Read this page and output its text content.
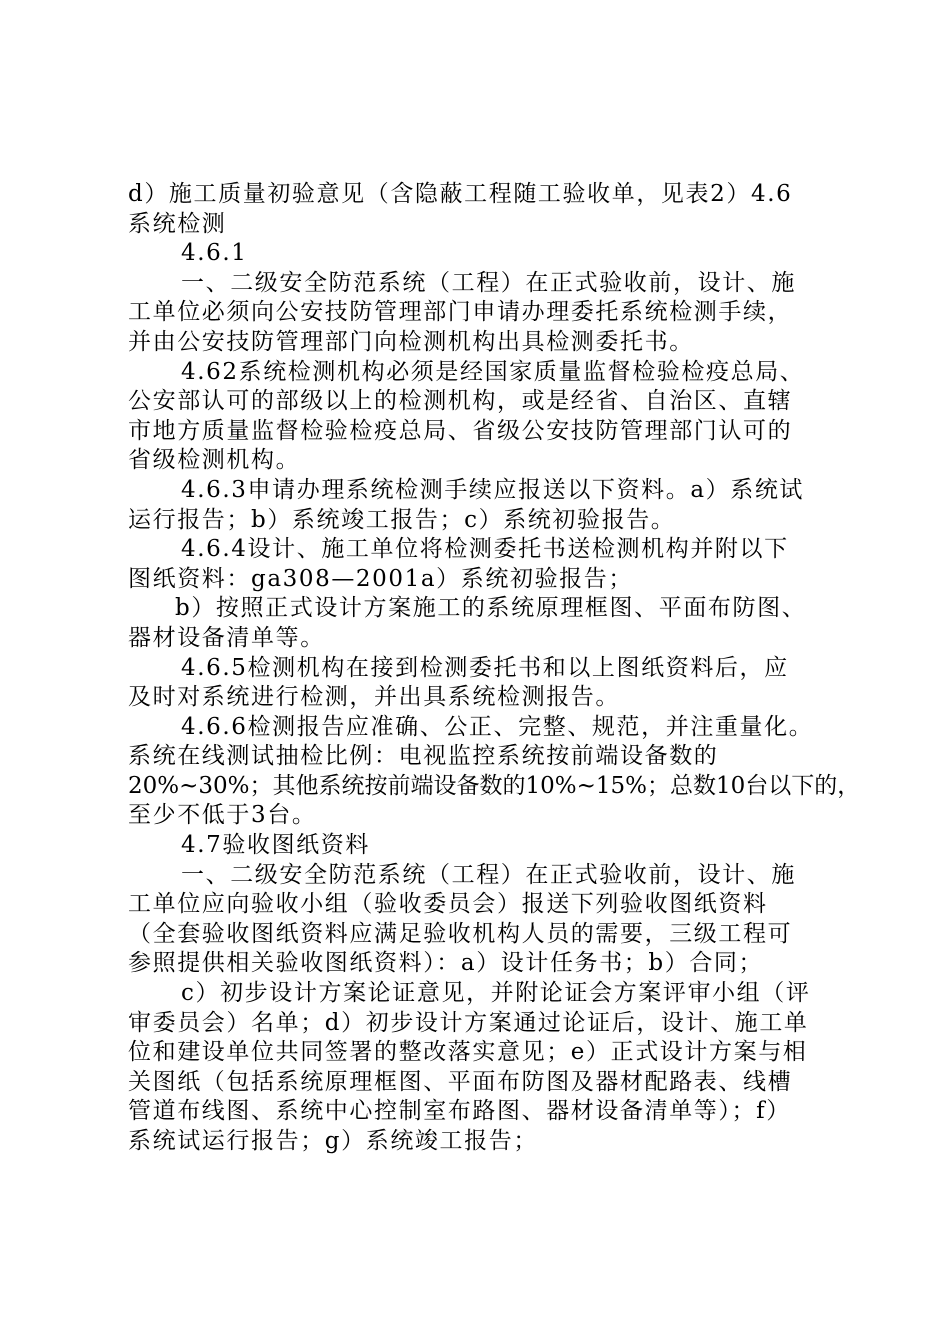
d）施工质量初验意见（含隐蔽工程随工验收单，见表2）4.6
系统检测
4.6.1
一、二级安全防范系统（工程）在正式验收前，设计、施
工单位必须向公安技防管理部门申请办理委托系统检测手续，
并由公安技防管理部门向检测机构出具检测委托书。
4.62系统检测机构必须是经国家质量监督检验检疫总局、
公安部认可的部级以上的检测机构，或是经省、自治区、直辖
市地方质量监督检验检疫总局、省级公安技防管理部门认可的
省级检测机构。
4.6.3申请办理系统检测手续应报送以下资料。a）系统试
运行报告；b）系统竣工报告；c）系统初验报告。
4.6.4设计、施工单位将检测委托书送检测机构并附以下
图纸资料：ga308—2001a）系统初验报告；
b）按照正式设计方案施工的系统原理框图、平面布防图、
器材设备清单等。
4.6.5检测机构在接到检测委托书和以上图纸资料后，应
及时对系统进行检测，并出具系统检测报告。
4.6.6检测报告应准确、公正、完整、规范，并注重量化。
系统在线测试抽检比例：电视监控系统按前端设备数的
20%~30%；其他系统按前端设备数的10%~15%；总数10台以下的，
至少不低于3台。
4.7验收图纸资料
一、二级安全防范系统（工程）在正式验收前，设计、施
工单位应向验收小组（验收委员会）报送下列验收图纸资料
（全套验收图纸资料应满足验收机构人员的需要，三级工程可
参照提供相关验收图纸资料）：a）设计任务书；b）合同；
c）初步设计方案论证意见，并附论证会方案评审小组（评
审委员会）名单；d）初步设计方案通过论证后，设计、施工单
位和建设单位共同签署的整改落实意见；e）正式设计方案与相
关图纸（包括系统原理框图、平面布防图及器材配路表、线槽
管道布线图、系统中心控制室布路图、器材设备清单等）；f）
系统试运行报告；g）系统竣工报告；
